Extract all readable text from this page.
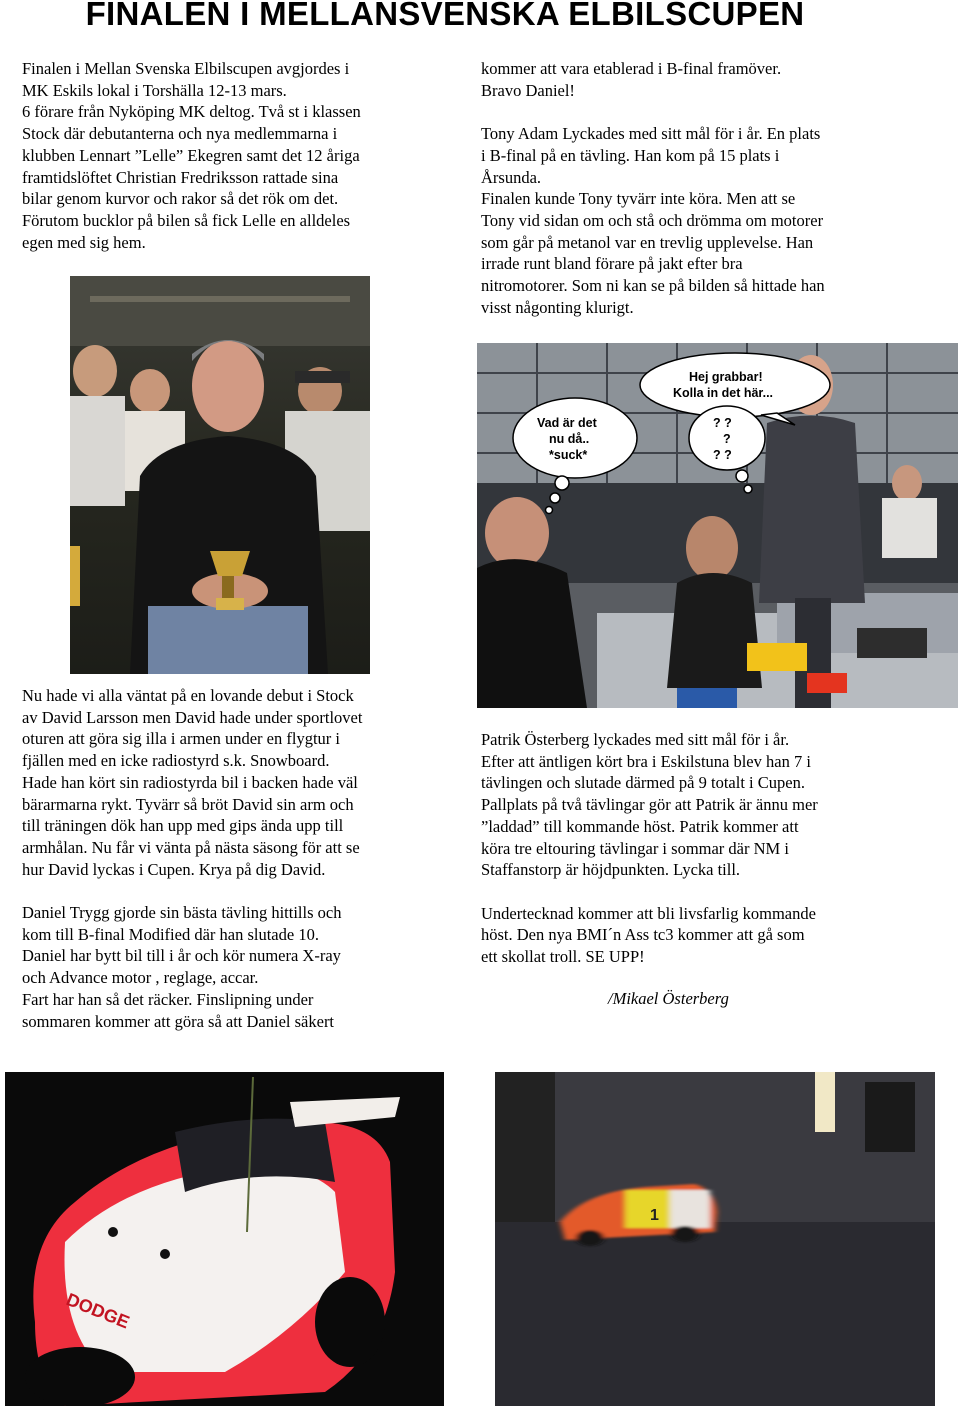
FINALEN I MELLANSVENSKA ELBILSCUPEN

Finalen i Mellan Svenska Elbilscupen avgjordes i

MK Eskils lokal i Torshälla 12-13 mars.

6 förare från Nyköping MK deltog. Två st i klassen

Stock där debutanterna och nya medlemmarna i

klubben Lennart ”Lelle” Ekegren samt det 12 åriga

framtidslöftet Christian Fredriksson rattade sina

bilar genom kurvor och rakor så det rök om det.

Förutom bucklor på bilen så fick Lelle en alldeles

egen med sig hem.

kommer att vara etablerad i B-final framöver.

Bravo Daniel!

Tony Adam Lyckades med sitt mål för i år. En plats

i B-final på en tävling. Han kom på 15 plats i

Årsunda.

Finalen kunde Tony tyvärr inte köra. Men att se

Tony vid sidan om och stå och drömma om motorer

som går på metanol var en trevlig upplevelse. Han

irrade runt bland förare på jakt efter bra

nitromotorer. Som ni kan se på bilden så hittade han

visst någonting klurigt.

Hej grabbar!
Kolla in det här...
Vad är det
nu då..
*suck*
? ?
?
? ?

Nu hade vi alla väntat på en lovande debut i Stock

av David Larsson men David hade under sportlovet

oturen att göra sig illa i armen under en flygtur i

fjällen med en icke radiostyrd s.k. Snowboard.

Hade han kört sin radiostyrda bil i backen hade väl

bärarmarna rykt. Tyvärr så bröt David sin arm och

till träningen dök han upp med gips ända upp till

armhålan. Nu får vi vänta på nästa säsong för att se

hur David lyckas i Cupen. Krya på dig David.

Daniel Trygg gjorde sin bästa tävling hittills och

kom till B-final Modified där han slutade 10.

Daniel har bytt bil till i år och kör numera X-ray

och Advance motor , reglage, accar.

Fart har han så det räcker. Finslipning under

sommaren kommer att göra så att Daniel säkert

Patrik Österberg lyckades med sitt mål för i år.

Efter att äntligen kört bra i Eskilstuna blev han 7 i

tävlingen och slutade därmed på 9 totalt i Cupen.

Pallplats på två tävlingar gör att Patrik är ännu mer

”laddad” till kommande höst. Patrik kommer att

köra tre eltouring tävlingar i sommar där NM i

Staffanstorp är höjdpunkten. Lycka till.

Undertecknad kommer att bli livsfarlig kommande

höst. Den nya BMI´n Ass tc3 kommer att gå som

ett skollat troll. SE UPP!

/Mikael Österberg
DODGE
1
